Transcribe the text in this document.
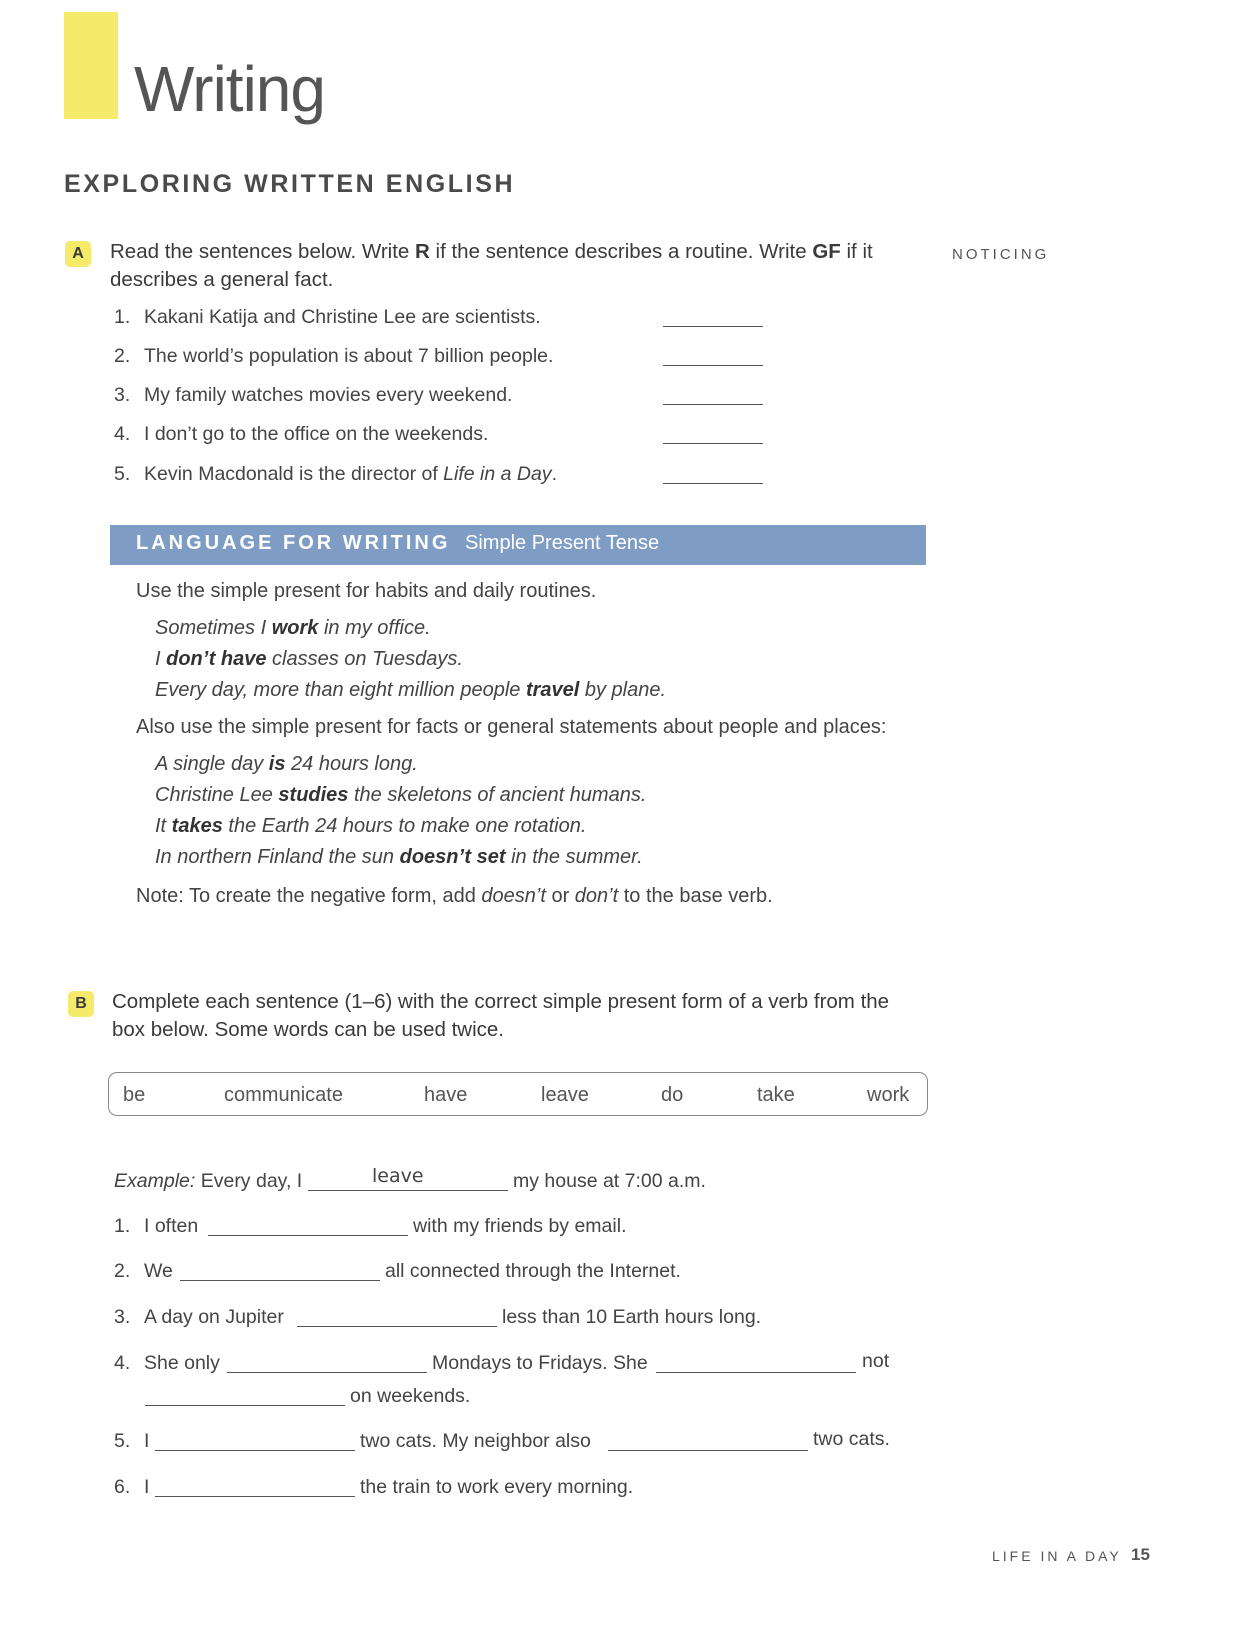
Writing
EXPLORING WRITTEN ENGLISH
NOTICING
A	Read the sentences below. Write R if the sentence describes a routine. Write GF if it
describes a general fact.
1. Kakani Katija and Christine Lee are scientists.
2. The world’s population is about 7 billion people.
3. My family watches movies every weekend.
4. I don’t go to the office on the weekends.
5. Kevin Macdonald is the director of Life in a Day.
LANGUAGE FOR WRITING Simple Present Tense
Use the simple present for habits and daily routines.
Sometimes I work in my office.
I don’t have classes on Tuesdays.
Every day, more than eight million people travel by plane.
Also use the simple present for facts or general statements about people and places:
A single day is 24 hours long.
Christine Lee studies the skeletons of ancient humans.
It takes the Earth 24 hours to make one rotation.
In northern Finland the sun doesn’t set in the summer.
Note: To create the negative form, add doesn’t or don’t to the base verb.
B	Complete each sentence (1–6) with the correct simple present form of a verb from the
box below. Some words can be used twice.
be	communicate	have	leave	do	take	work
Example: Every day, I	leave	my house at 7:00 a.m.
1. I often	with my friends by email.
2. We	all connected through the Internet.
3. A day on Jupiter	less than 10 Earth hours long.
4. She only	Mondays to Fridays. She	not
on weekends.
5. I	two cats. My neighbor also	two cats.
6. I	the train to work every morning.
LIFE IN A DAY 15
